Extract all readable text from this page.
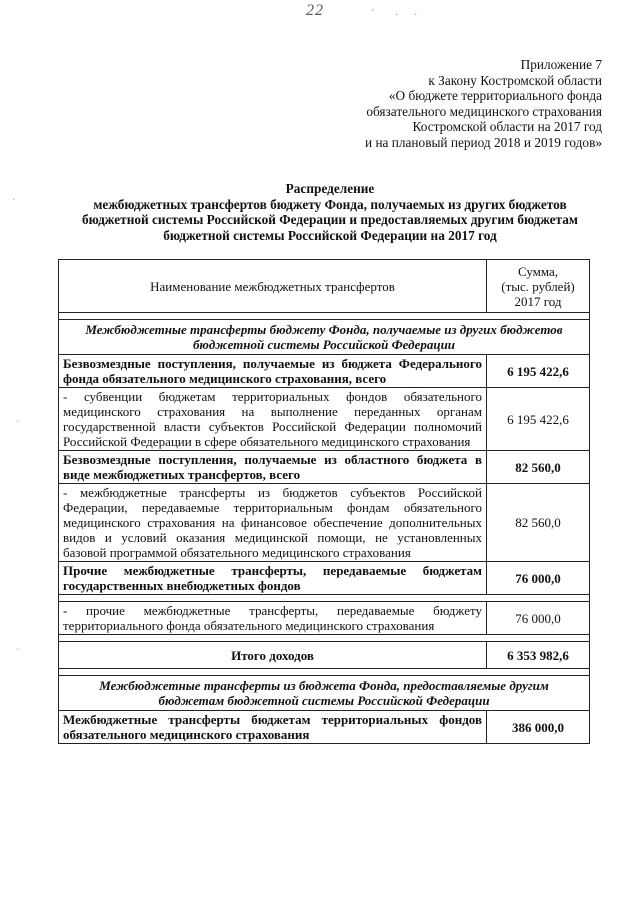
22	' · ·
`
`
`
Приложение 7
к Закону Костромской области
«О бюджете территориального фонда
обязательного медицинского страхования
Костромской области на 2017 год
и на плановый период 2018 и 2019 годов»
Распределение
межбюджетных трансфертов бюджету Фонда, получаемых из других бюджетов
бюджетной системы Российской Федерации и предоставляемых другим бюджетам
бюджетной системы Российской Федерации на 2017 год
Наименование межбюджетных трансфертов	Сумма,
(тыс. рублей)
2017 год

Межбюджетные трансферты бюджету Фонда, получаемые из других бюджетов бюджетной системы Российской Федерации	
Безвозмездные поступления, получаемые из бюджета Федерального фонда обязательного медицинского страхования, всего	6 195 422,6
- субвенции бюджетам территориальных фондов обязательного медицинского страхования на выполнение переданных органам государственной власти субъектов Российской Федерации полномочий Российской Федерации в сфере обязательного медицинского страхования	6 195 422,6
Безвозмездные поступления, получаемые из областного бюджета в виде межбюджетных трансфертов, всего	82 560,0
- межбюджетные трансферты из бюджетов субъектов Российской Федерации, передаваемые территориальным фондам обязательного медицинского страхования на финансовое обеспечение дополнительных видов и условий оказания медицинской помощи, не установленных базовой программой обязательного медицинского страхования	82 560,0
Прочие межбюджетные трансферты, передаваемые бюджетам государственных внебюджетных фондов	76 000,0

- прочие межбюджетные трансферты, передаваемые бюджету территориального фонда обязательного медицинского страхования	76 000,0

Итого доходов	6 353 982,6

Межбюджетные трансферты из бюджета Фонда, предоставляемые другим бюджетам бюджетной системы Российской Федерации	
Межбюджетные трансферты бюджетам территориальных фондов обязательного медицинского страхования	386 000,0
